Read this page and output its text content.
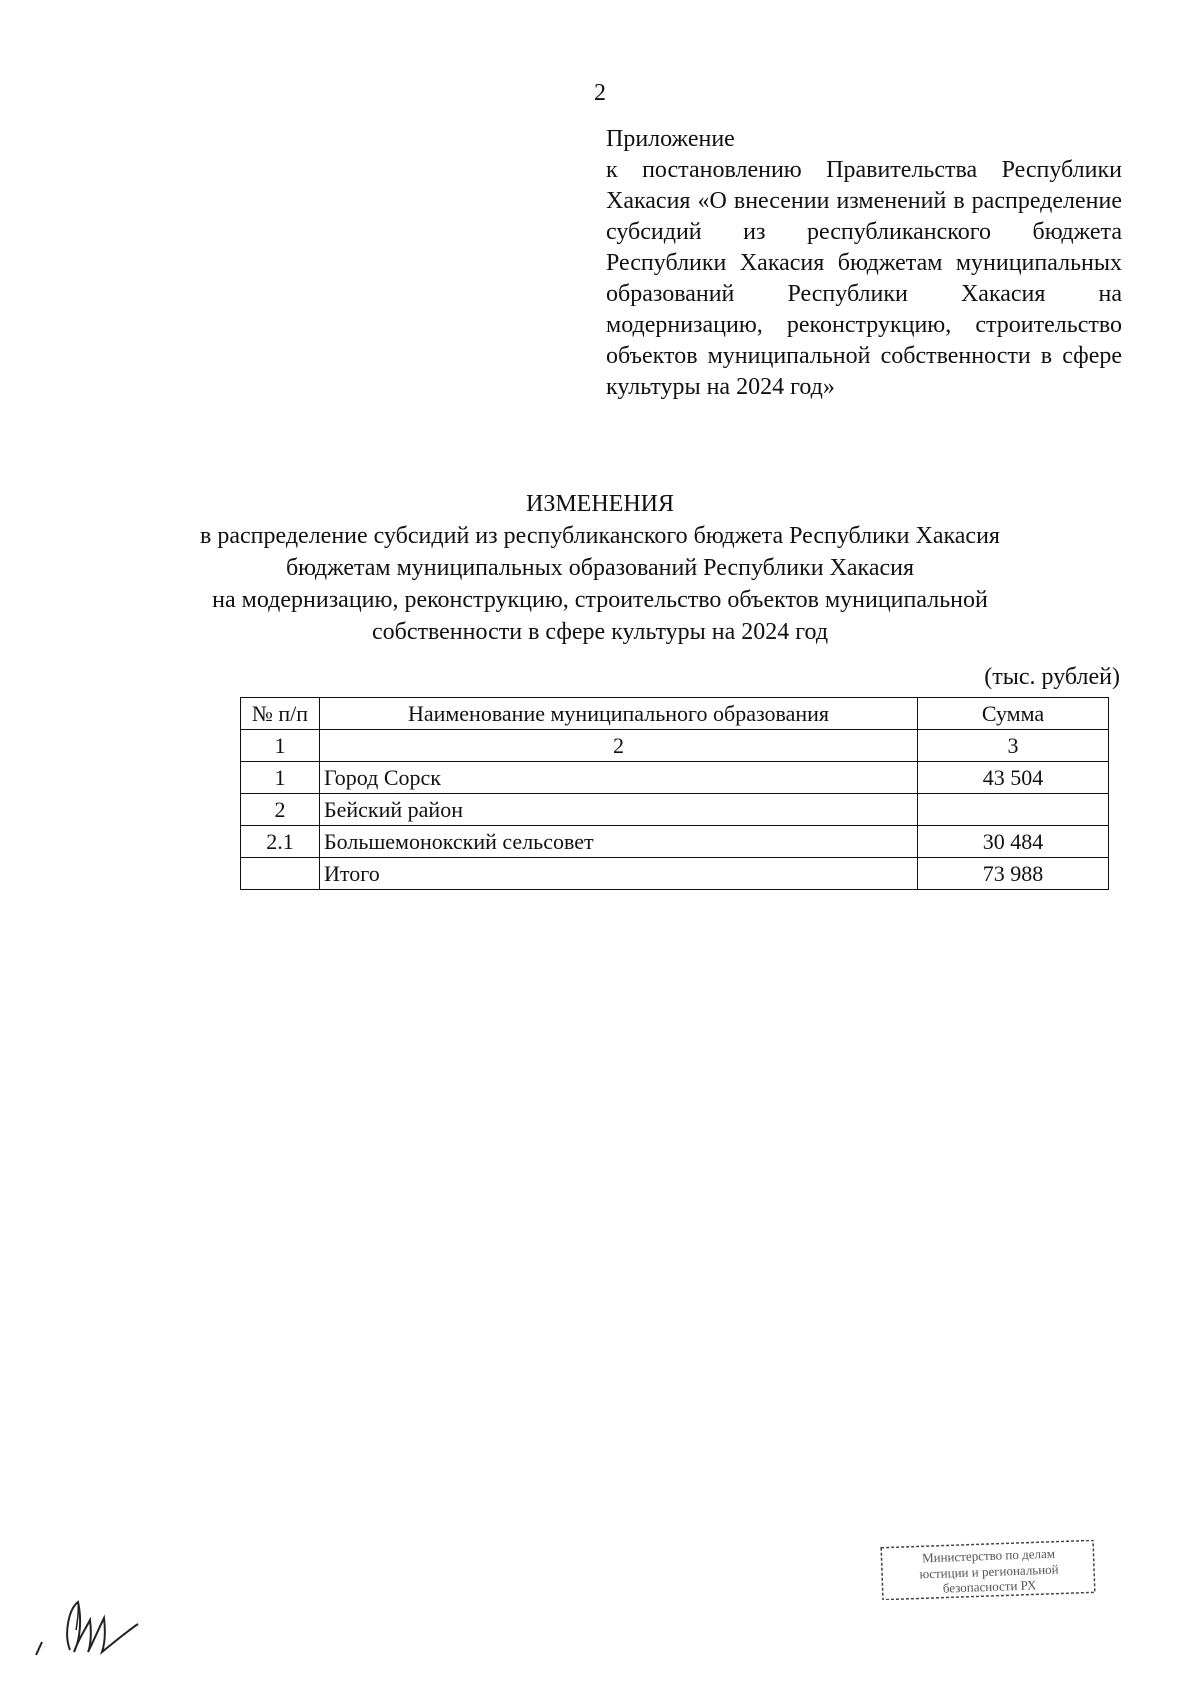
2
Приложение
к постановлению Правительства Республики Хакасия «О внесении изменений в распределение субсидий из республиканского бюджета Республики Хакасия бюджетам муниципальных образований Республики Хакасия на модернизацию, реконструкцию, строительство объектов муниципальной собственности в сфере культуры на 2024 год»
ИЗМЕНЕНИЯ
в распределение субсидий из республиканского бюджета Республики Хакасия
бюджетам муниципальных образований Республики Хакасия
на модернизацию, реконструкцию, строительство объектов муниципальной
собственности в сфере культуры на 2024 год
(тыс. рублей)
№ п/п	Наименование муниципального образования	Сумма
1	2	3
1	Город Сорск	43 504
2	Бейский район	
2.1	Большемонокский сельсовет	30 484
	Итого	73 988
Министерство по делам
юстиции и региональной
безопасности РХ
